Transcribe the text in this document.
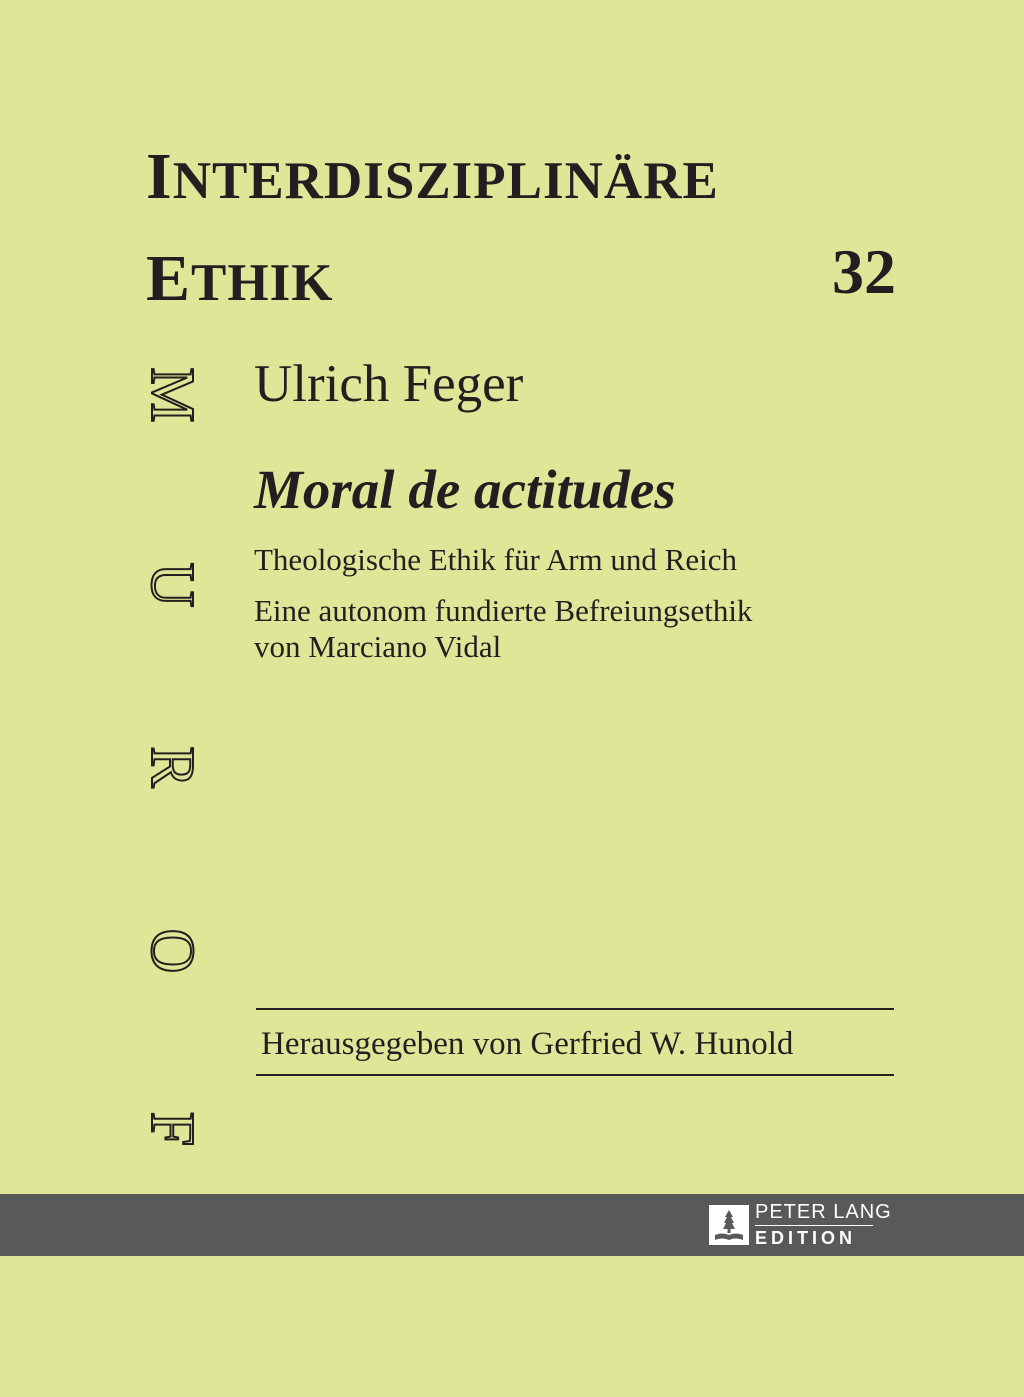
INTERDISZIPLINÄRE
ETHIK	32
M
U
R
O
F
Ulrich Feger
Moral de actitudes
Theologische Ethik für Arm und Reich
Eine autonom fundierte Befreiungsethik
von Marciano Vidal
Herausgegeben von Gerfried W. Hunold
PETER LANG
EDITION
